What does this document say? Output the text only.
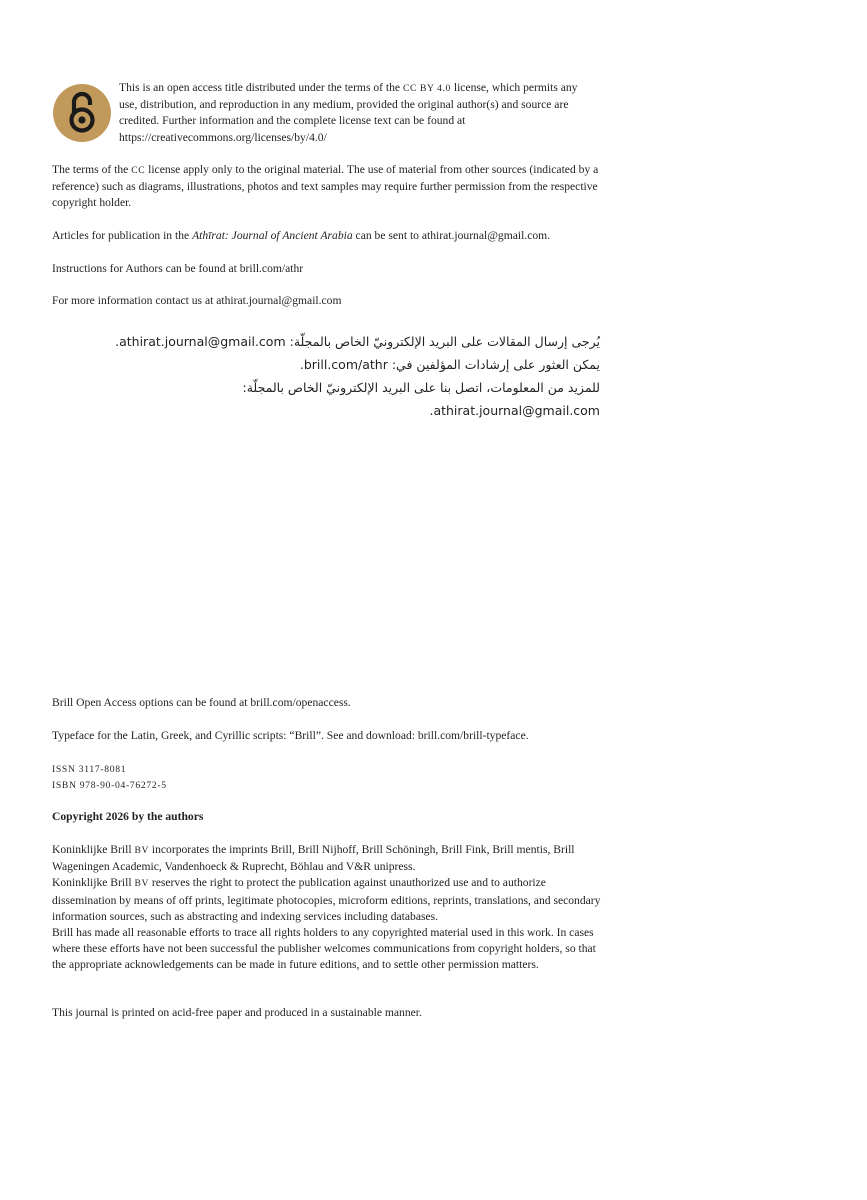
This is an open access title distributed under the terms of the CC BY 4.0 license, which permits any use, distribution, and reproduction in any medium, provided the original author(s) and source are credited. Further information and the complete license text can be found at https://creativecommons.org/licenses/by/4.0/

The terms of the CC license apply only to the original material. The use of material from other sources (indicated by a reference) such as diagrams, illustrations, photos and text samples may require further permission from the respective copyright holder.

Articles for publication in the Athīrat: Journal of Ancient Arabia can be sent to athirat.journal@gmail.com.

Instructions for Authors can be found at brill.com/athr

For more information contact us at athirat.journal@gmail.com

يُرجى إرسال المقالات على البريد الإلكترونيّ الخاص بالمجلّة: athirat.journal@gmail.com.

يمكن العثور على إرشادات المؤلفين في: brill.com/athr.

للمزيد من المعلومات، اتصل بنا على البريد الإلكترونيّ الخاص بالمجلّة: athirat.journal@gmail.com.

Brill Open Access options can be found at brill.com/openaccess.

Typeface for the Latin, Greek, and Cyrillic scripts: “Brill”. See and download: brill.com/brill-typeface.

ISSN 3117-8081
ISBN 978-90-04-76272-5

Copyright 2026 by the authors

Koninklijke Brill BV incorporates the imprints Brill, Brill Nijhoff, Brill Schöningh, Brill Fink, Brill mentis, Brill Wageningen Academic, Vandenhoeck & Ruprecht, Böhlau and V&R unipress.

Koninklijke Brill BV reserves the right to protect the publication against unauthorized use and to authorize dissemination by means of off prints, legitimate photocopies, microform editions, reprints, translations, and secondary information sources, such as abstracting and indexing services including databases.

Brill has made all reasonable efforts to trace all rights holders to any copyrighted material used in this work. In cases where these efforts have not been successful the publisher welcomes communications from copyright holders, so that the appropriate acknowledgements can be made in future editions, and to settle other permission matters.

This journal is printed on acid-free paper and produced in a sustainable manner.
